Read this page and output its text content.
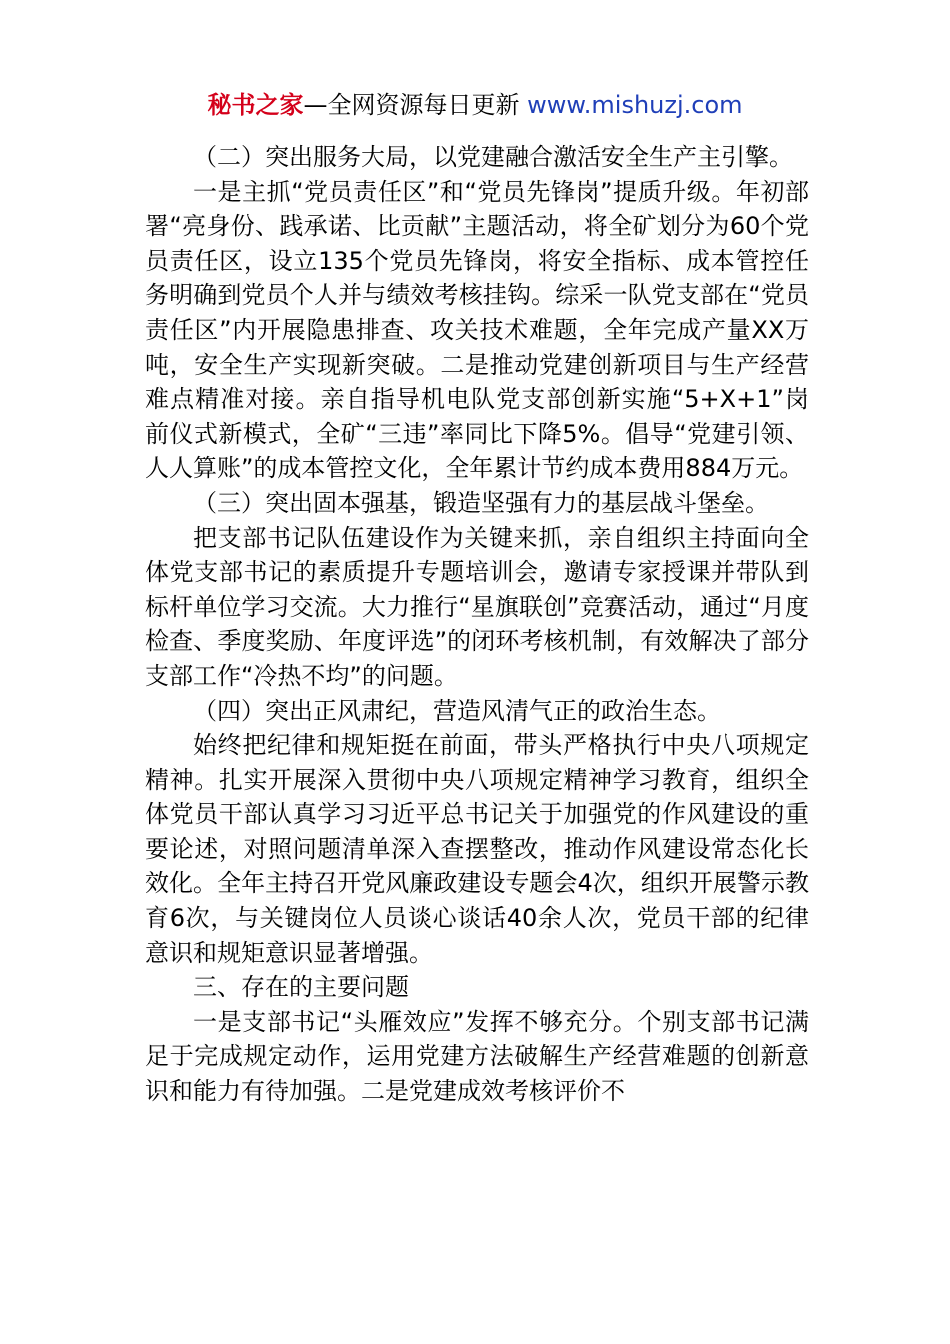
秘书之家—全网资源每日更新 www.mishuzj.com

（二）突出服务大局，以党建融合激活安全生产主引擎。

一是主抓“党员责任区”和“党员先锋岗”提质升级。年初部署“亮身份、践承诺、比贡献”主题活动，将全矿划分为60个党员责任区，设立135个党员先锋岗，将安全指标、成本管控任务明确到党员个人并与绩效考核挂钩。综采一队党支部在“党员责任区”内开展隐患排查、攻关技术难题，全年完成产量XX万吨，安全生产实现新突破。二是推动党建创新项目与生产经营难点精准对接。亲自指导机电队党支部创新实施“5+X+1”岗前仪式新模式，全矿“三违”率同比下降5%。倡导“党建引领、人人算账”的成本管控文化，全年累计节约成本费用884万元。

（三）突出固本强基，锻造坚强有力的基层战斗堡垒。

把支部书记队伍建设作为关键来抓，亲自组织主持面向全体党支部书记的素质提升专题培训会，邀请专家授课并带队到标杆单位学习交流。大力推行“星旗联创”竞赛活动，通过“月度检查、季度奖励、年度评选”的闭环考核机制，有效解决了部分支部工作“冷热不均”的问题。

（四）突出正风肃纪，营造风清气正的政治生态。

始终把纪律和规矩挺在前面，带头严格执行中央八项规定精神。扎实开展深入贯彻中央八项规定精神学习教育，组织全体党员干部认真学习习近平总书记关于加强党的作风建设的重要论述，对照问题清单深入查摆整改，推动作风建设常态化长效化。全年主持召开党风廉政建设专题会4次，组织开展警示教育6次，与关键岗位人员谈心谈话40余人次，党员干部的纪律意识和规矩意识显著增强。

三、存在的主要问题

一是支部书记“头雁效应”发挥不够充分。个别支部书记满足于完成规定动作，运用党建方法破解生产经营难题的创新意识和能力有待加强。二是党建成效考核评价不
